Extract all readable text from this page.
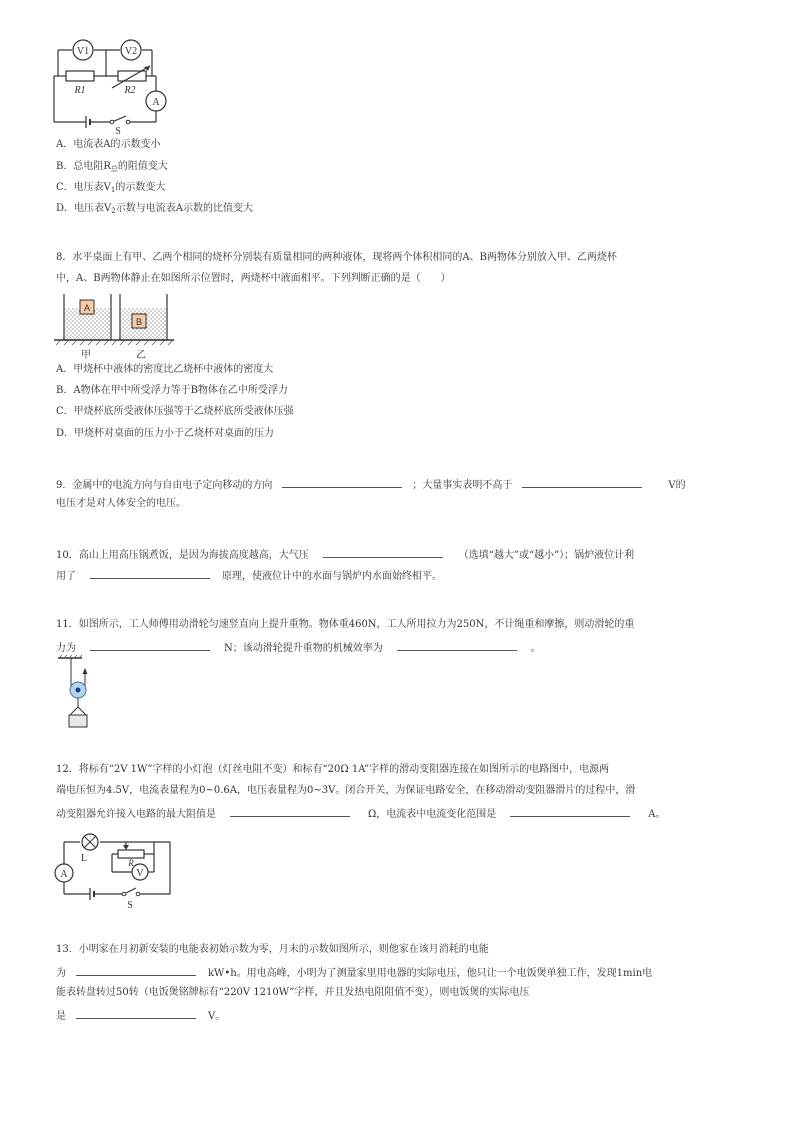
V1	V2
A
R1	R2
S
A．电流表A的示数变小
B．总电阻$R_总$的阻值变大
C．电压表$V_1$的示数变大
D．电压表$V_2$示数与电流表A示数的比值变大
8．水平桌面上有甲、乙两个相同的烧杯分别装有质量相同的两种液体，现将两个体积相同的A、B两物体分别放入甲、乙两烧杯
中，A、B两物体静止在如图所示位置时，两烧杯中液面相平。下列判断正确的是（　　）
A
B
甲	乙
A．甲烧杯中液体的密度比乙烧杯中液体的密度大
B．A物体在甲中所受浮力等于B物体在乙中所受浮力
C．甲烧杯底所受液体压强等于乙烧杯底所受液体压强
D．甲烧杯对桌面的压力小于乙烧杯对桌面的压力
9．金属中的电流方向与自由电子定向移动的方向	；大量事实表明不高于	V的
电压才是对人体安全的电压。
10．高山上用高压锅煮饭，是因为海拔高度越高，大气压	（选填“越大”或“越小”）；锅炉液位计利
用了	原理，使液位计中的水面与锅炉内水面始终相平。
11．如图所示，工人师傅用动滑轮匀速竖直向上提升重物。物体重460N，工人所用拉力为250N，不计绳重和摩擦，则动滑轮的重
力为	N；该动滑轮提升重物的机械效率为	。
12．将标有“2V 1W”字样的小灯泡（灯丝电阻不变）和标有“20Ω 1A”字样的滑动变阻器连接在如图所示的电路图中，电源两
端电压恒为4.5V，电流表量程为0~0.6A，电压表量程为0~3V。闭合开关，为保证电路安全，在移动滑动变阻器滑片的过程中，滑
动变阻器允许接入电路的最大阻值是	Ω，电流表中电流变化范围是	A。
L	R
A	V
S
13．小明家在月初新安装的电能表初始示数为零，月末的示数如图所示，则他家在该月消耗的电能
为	kW•h。用电高峰，小明为了测量家里用电器的实际电压，他只让一个电饭煲单独工作，发现1min电
能表转盘转过50转（电饭煲铭牌标有“220V 1210W”字样，并且发热电阻阻值不变），则电饭煲的实际电压
是	V。
